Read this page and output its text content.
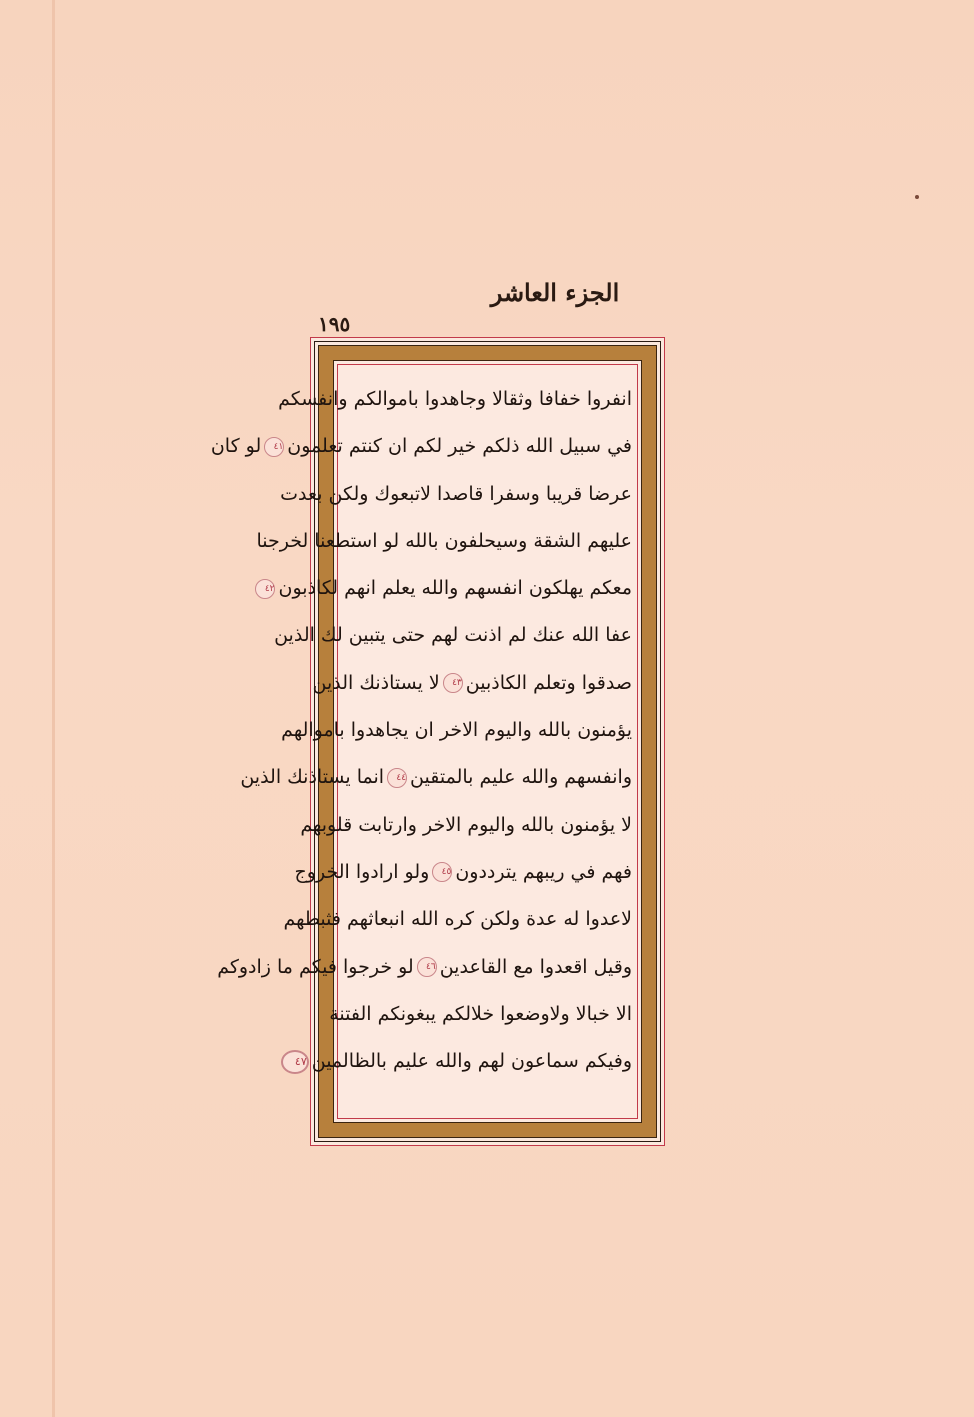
الجزء العاشر
١٩٥
انفروا خفافا وثقالا وجاهدوا باموالكم وانفسكم
في سبيل الله ذلكم خير لكم ان كنتم تعلمون٤١لو كان
عرضا قريبا وسفرا قاصدا لاتبعوك ولكن بعدت
عليهم الشقة وسيحلفون بالله لو استطعنا لخرجنا
معكم يهلكون انفسهم والله يعلم انهم لكاذبون٤٢
عفا الله عنك لم اذنت لهم حتى يتبين لك الذين
صدقوا وتعلم الكاذبين٤٣لا يستاذنك الذين
يؤمنون بالله واليوم الاخر ان يجاهدوا باموالهم
وانفسهم والله عليم بالمتقين٤٤انما يستاذنك الذين
لا يؤمنون بالله واليوم الاخر وارتابت قلوبهم
فهم في ريبهم يترددون٤٥ولو ارادوا الخروج
لاعدوا له عدة ولكن كره الله انبعاثهم فثبطهم
وقيل اقعدوا مع القاعدين٤٦لو خرجوا فيكم ما زادوكم
الا خبالا ولاوضعوا خلالكم يبغونكم الفتنة
وفيكم سماعون لهم والله عليم بالظالمين٤٧
